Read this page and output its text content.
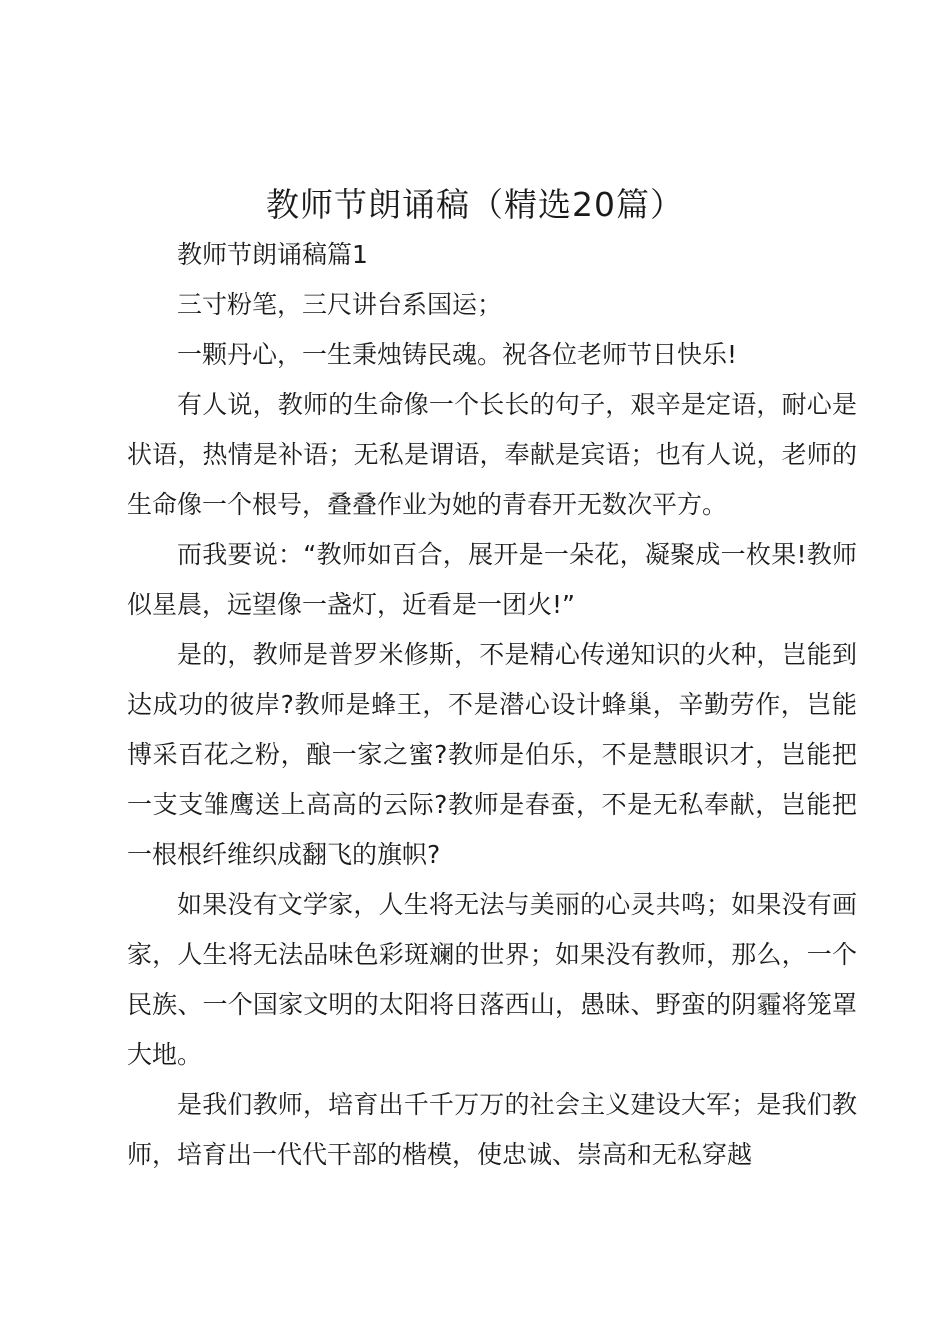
教师节朗诵稿（精选20篇）

教师节朗诵稿篇1

三寸粉笔，三尺讲台系国运；

一颗丹心，一生秉烛铸民魂。祝各位老师节日快乐!

有人说，教师的生命像一个长长的句子，艰辛是定语，耐心是状语，热情是补语；无私是谓语，奉献是宾语；也有人说，老师的生命像一个根号，叠叠作业为她的青春开无数次平方。

而我要说：“教师如百合，展开是一朵花，凝聚成一枚果!教师似星晨，远望像一盏灯，近看是一团火!”

是的，教师是普罗米修斯，不是精心传递知识的火种，岂能到达成功的彼岸?教师是蜂王，不是潜心设计蜂巢，辛勤劳作，岂能博采百花之粉，酿一家之蜜?教师是伯乐，不是慧眼识才，岂能把一支支雏鹰送上高高的云际?教师是春蚕，不是无私奉献，岂能把一根根纤维织成翻飞的旗帜?

如果没有文学家，人生将无法与美丽的心灵共鸣；如果没有画家，人生将无法品味色彩斑斓的世界；如果没有教师，那么，一个民族、一个国家文明的太阳将日落西山，愚昧、野蛮的阴霾将笼罩大地。

是我们教师，培育出千千万万的社会主义建设大军；是我们教师，培育出一代代干部的楷模，使忠诚、崇高和无私穿越
